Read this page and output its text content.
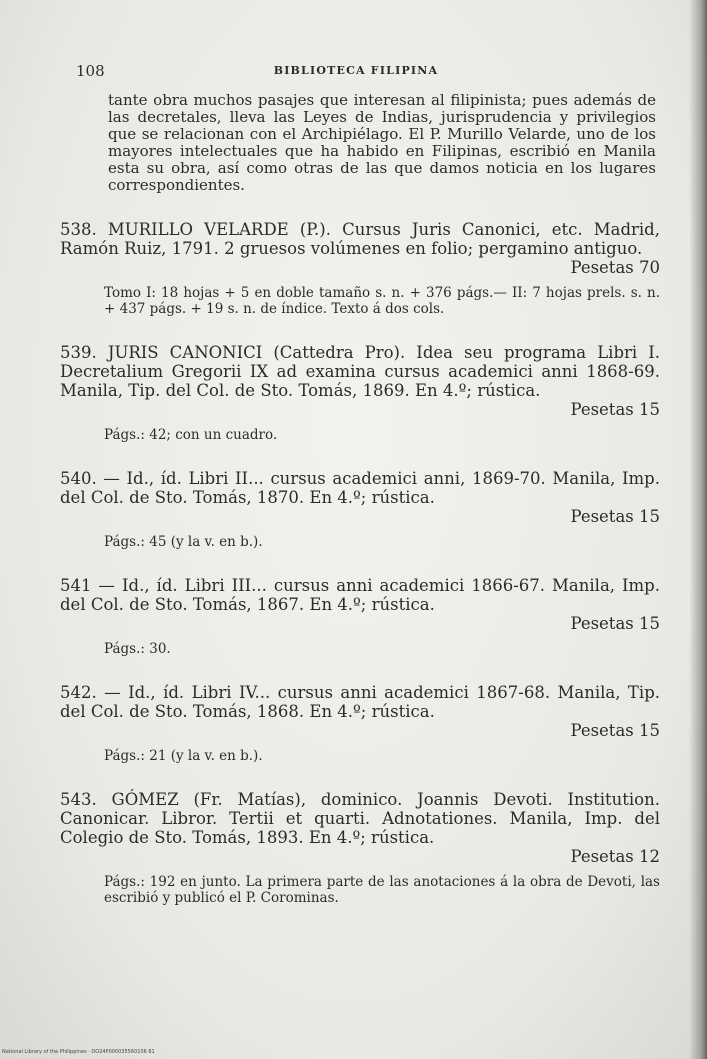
108	BIBLIOTECA FILIPINA

tante obra muchos pasajes que interesan al filipinista; pues además de las decretales, lleva las Leyes de Indias, jurisprudencia y privilegios que se relacionan con el Archipiélago. El P. Murillo Velarde, uno de los mayores intelectuales que ha habido en Filipinas, escribió en Manila esta su obra, así como otras de las que damos noticia en los lugares correspondientes.

538. MURILLO VELARDE (P.). Cursus Juris Canonici, etc. Madrid, Ramón Ruiz, 1791. 2 gruesos volúmenes en folio; pergamino antiguo.
Pesetas 70
Tomo I: 18 hojas + 5 en doble tamaño s. n. + 376 págs.— II: 7 hojas prels. s. n. + 437 págs. + 19 s. n. de índice. Texto á dos cols.
539. JURIS CANONICI (Cattedra Pro). Idea seu programa Libri I. Decretalium Gregorii IX ad examina cursus academici anni 1868-69. Manila, Tip. del Col. de Sto. Tomás, 1869. En 4.º; rústica.
Pesetas 15
Págs.: 42; con un cuadro.
540. — Id., íd. Libri II... cursus academici anni, 1869-70. Manila, Imp. del Col. de Sto. Tomás, 1870. En 4.º; rústica.
Pesetas 15
Págs.: 45 (y la v. en b.).
541 — Id., íd. Libri III... cursus anni academici 1866-67. Manila, Imp. del Col. de Sto. Tomás, 1867. En 4.º; rústica.
Pesetas 15
Págs.: 30.
542. — Id., íd. Libri IV... cursus anni academici 1867-68. Manila, Tip. del Col. de Sto. Tomás, 1868. En 4.º; rústica.
Pesetas 15
Págs.: 21 (y la v. en b.).
543. GÓMEZ (Fr. Matías), dominico. Joannis Devoti. Institution. Canonicar. Libror. Tertii et quarti. Adnotationes. Manila, Imp. del Colegio de Sto. Tomás, 1893. En 4.º; rústica.
Pesetas 12
Págs.: 192 en junto. La primera parte de las anotaciones á la obra de Devoti, las escribió y publicó el P. Corominas.
National Library of the Philippines · DO24P000035560106 81
